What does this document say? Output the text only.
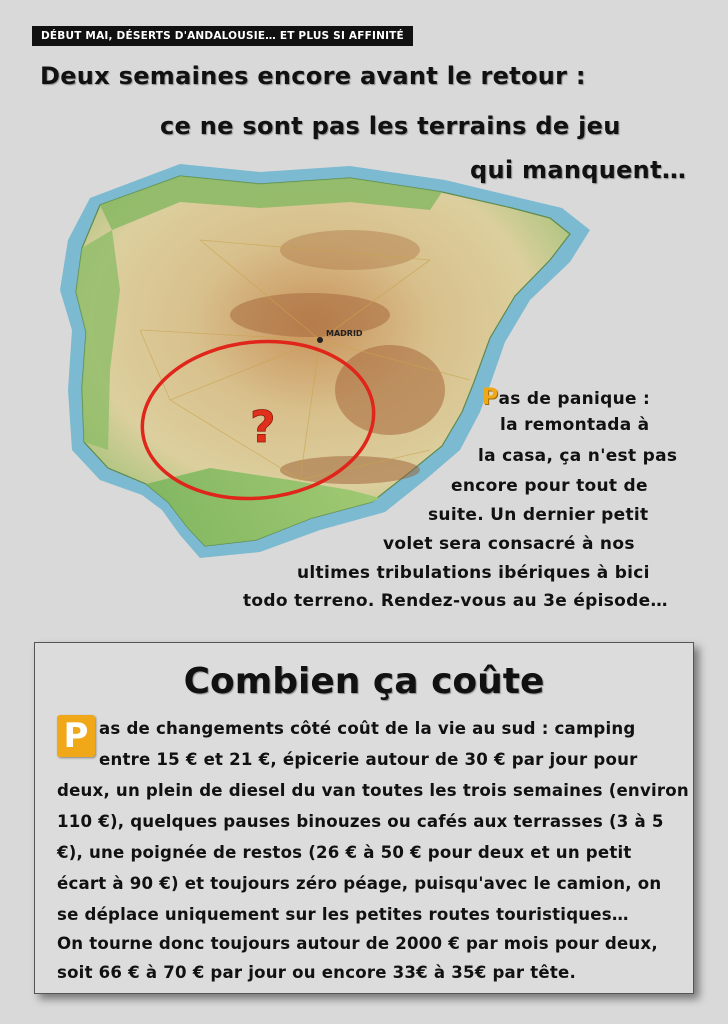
DÉBUT MAI, DÉSERTS D'ANDALOUSIE… ET PLUS SI AFFINITÉ
Deux semaines encore avant le retour :
ce ne sont pas les terrains de jeu
qui manquent…
MADRID
?
Pas de panique :
la remontada à
la casa, ça n'est pas
encore pour tout de
suite. Un dernier petit
volet sera consacré à nos
ultimes tribulations ibériques à bici
todo terreno. Rendez-vous au 3e épisode…
Combien ça coûte
P as de changements côté coût de la vie au sud : camping
entre 15 € et 21 €, épicerie autour de 30 € par jour pour
deux, un plein de diesel du van toutes les trois semaines (environ
110 €), quelques pauses binouzes ou cafés aux terrasses (3 à 5
€), une poignée de restos (26 € à 50 € pour deux et un petit
écart à 90 €) et toujours zéro péage, puisqu'avec le camion, on
se déplace uniquement sur les petites routes touristiques…
On tourne donc toujours autour de 2000 € par mois pour deux,
soit 66 € à 70 € par jour ou encore 33€ à 35€ par tête.
